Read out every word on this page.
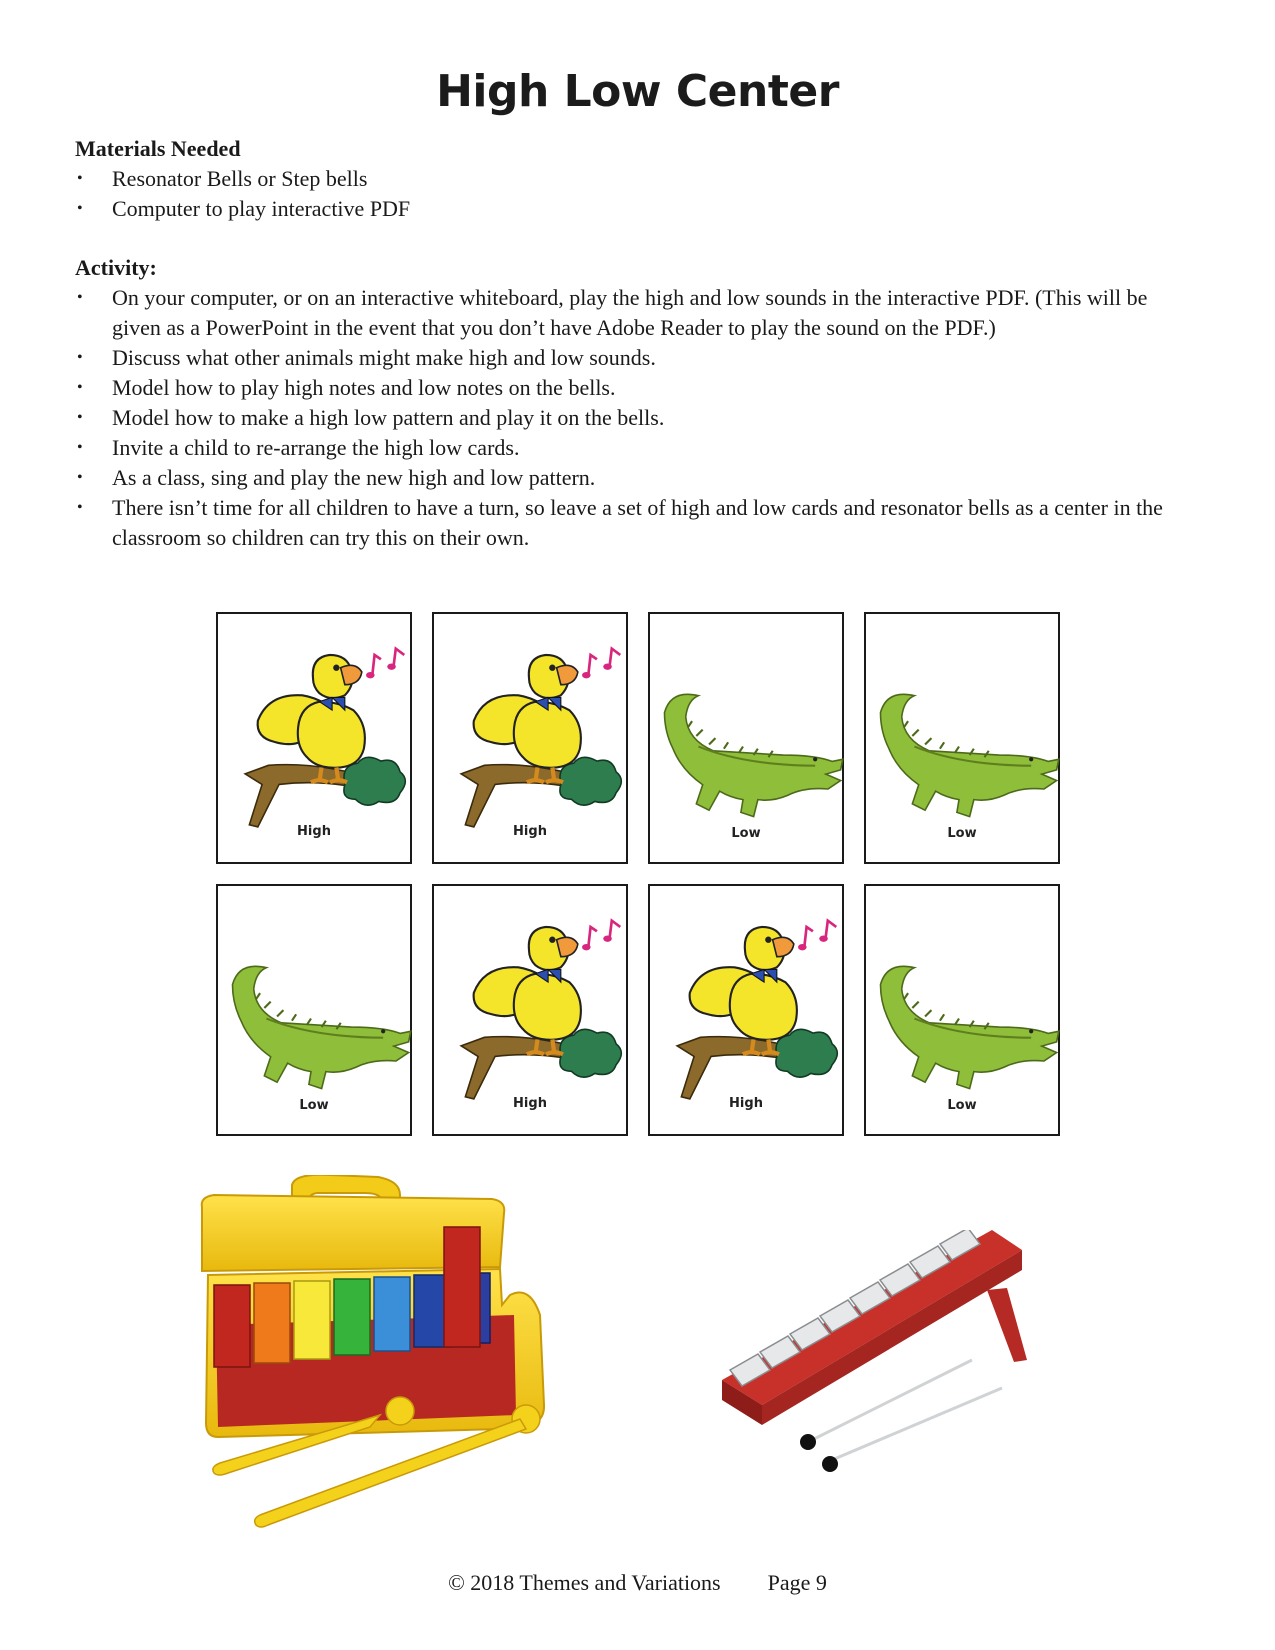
High Low Center
Materials Needed
• Resonator Bells or Step bells
• Computer to play interactive PDF
Activity:
• On your computer, or on an interactive whiteboard, play the high and low sounds in the interactive PDF. (This will be given as a PowerPoint in the event that you don’t have Adobe Reader to play the sound on the PDF.)
• Discuss what other animals might make high and low sounds.
• Model how to play high notes and low notes on the bells.
• Model how to make a high low pattern and play it on the bells.
• Invite a child to re-arrange the high low cards.
• As a class, sing and play the new high and low pattern.
• There isn’t time for all children to have a turn, so leave a set of high and low cards and resonator bells as a center in the classroom so children can try this on their own.
High	High	Low	Low
Low	High	High	Low
© 2018 Themes and Variations Page 9
